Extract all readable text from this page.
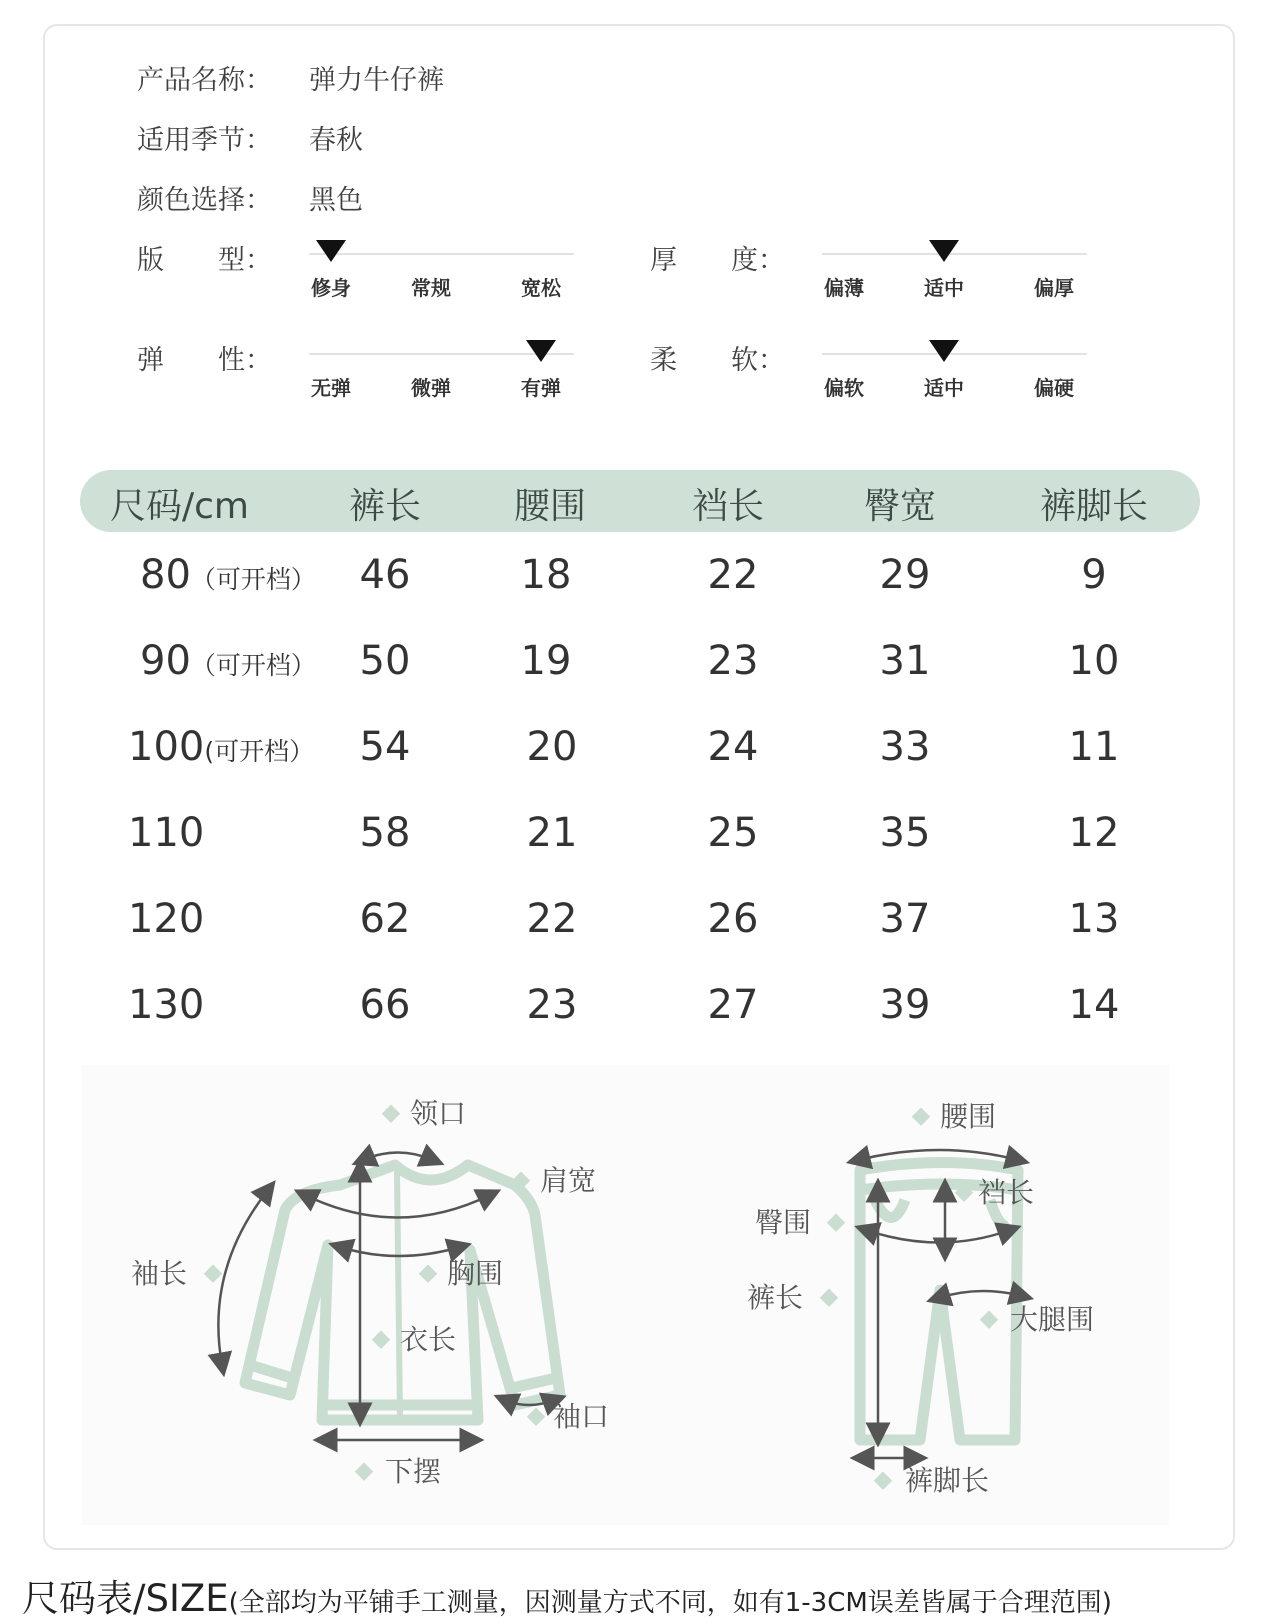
产品名称： 弹力牛仔裤
适用季节： 春秋
颜色选择： 黑色
版　　型：
修身	常规	宽松
厚　　度：
偏薄	适中	偏厚
弹　　性：
无弹	微弹	有弹
柔　　软：
偏软	适中	偏硬
尺码/cm	裤长	腰围	裆长	臀宽	裤脚长
80（可开档） 46	18	22	29	9
90（可开档） 50	19	23	31	10
100(可开档） 54	20	24	33	11
110	58	21	25	35	12
120	62	22	26	37	13
130	66	23	27	39	14
领口
肩宽
袖长	胸围
衣长
袖口
下摆
腰围
裆长
臀围
裤长
大腿围
裤脚长
尺码表/SIZE(全部均为平铺手工测量，因测量方式不同，如有1-3CM误差皆属于合理范围)
